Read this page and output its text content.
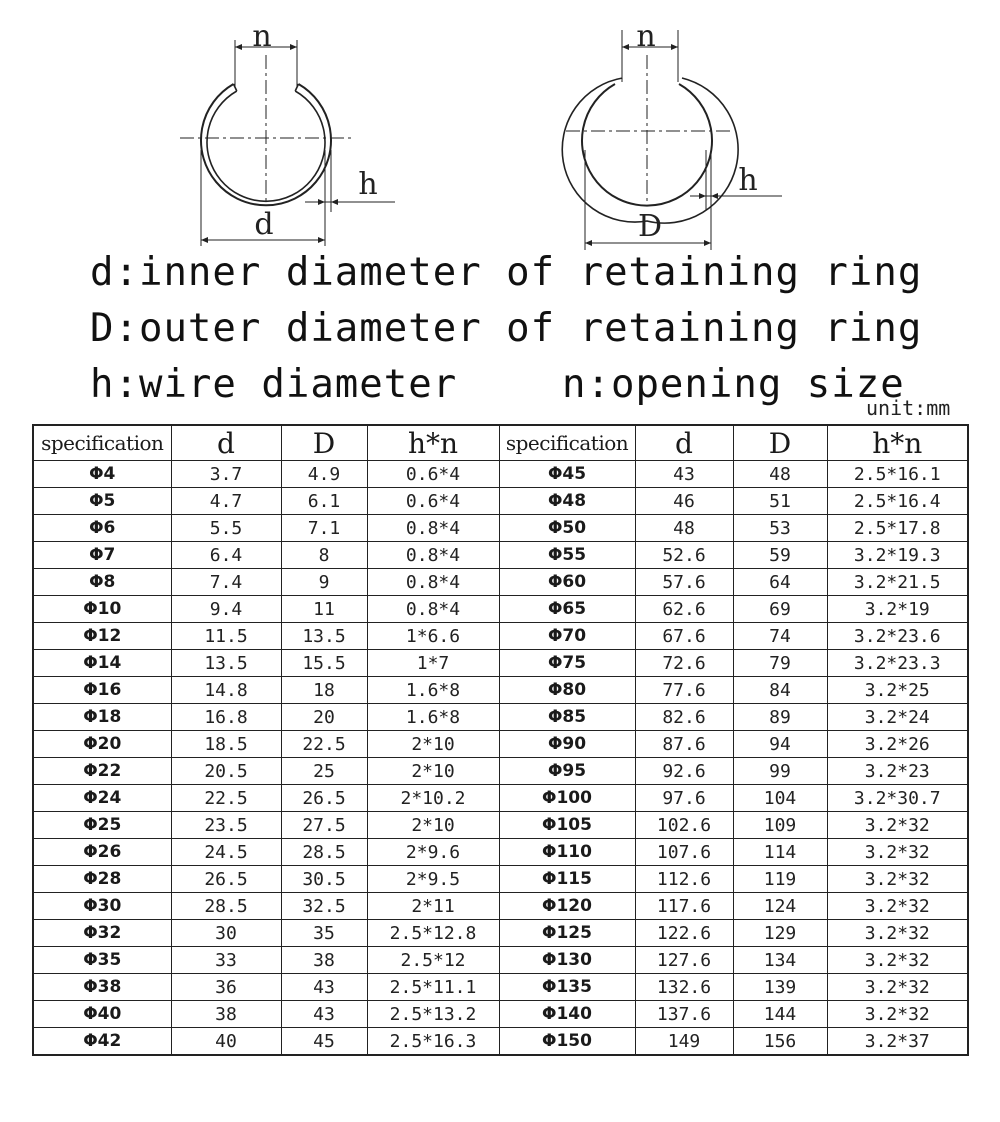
n
h
d
n
h
D
d:inner diameter of retaining ring
D:outer diameter of retaining ring
h:wire diameter	n:opening size
unit:mm
specification	d	D	h*n	specification	d	D	h*n
Φ4	3.7	4.9	0.6*4	Φ45	43	48	2.5*16.1
Φ5	4.7	6.1	0.6*4	Φ48	46	51	2.5*16.4
Φ6	5.5	7.1	0.8*4	Φ50	48	53	2.5*17.8
Φ7	6.4	8	0.8*4	Φ55	52.6	59	3.2*19.3
Φ8	7.4	9	0.8*4	Φ60	57.6	64	3.2*21.5
Φ10	9.4	11	0.8*4	Φ65	62.6	69	3.2*19
Φ12	11.5	13.5	1*6.6	Φ70	67.6	74	3.2*23.6
Φ14	13.5	15.5	1*7	Φ75	72.6	79	3.2*23.3
Φ16	14.8	18	1.6*8	Φ80	77.6	84	3.2*25
Φ18	16.8	20	1.6*8	Φ85	82.6	89	3.2*24
Φ20	18.5	22.5	2*10	Φ90	87.6	94	3.2*26
Φ22	20.5	25	2*10	Φ95	92.6	99	3.2*23
Φ24	22.5	26.5	2*10.2	Φ100	97.6	104	3.2*30.7
Φ25	23.5	27.5	2*10	Φ105	102.6	109	3.2*32
Φ26	24.5	28.5	2*9.6	Φ110	107.6	114	3.2*32
Φ28	26.5	30.5	2*9.5	Φ115	112.6	119	3.2*32
Φ30	28.5	32.5	2*11	Φ120	117.6	124	3.2*32
Φ32	30	35	2.5*12.8	Φ125	122.6	129	3.2*32
Φ35	33	38	2.5*12	Φ130	127.6	134	3.2*32
Φ38	36	43	2.5*11.1	Φ135	132.6	139	3.2*32
Φ40	38	43	2.5*13.2	Φ140	137.6	144	3.2*32
Φ42	40	45	2.5*16.3	Φ150	149	156	3.2*37
